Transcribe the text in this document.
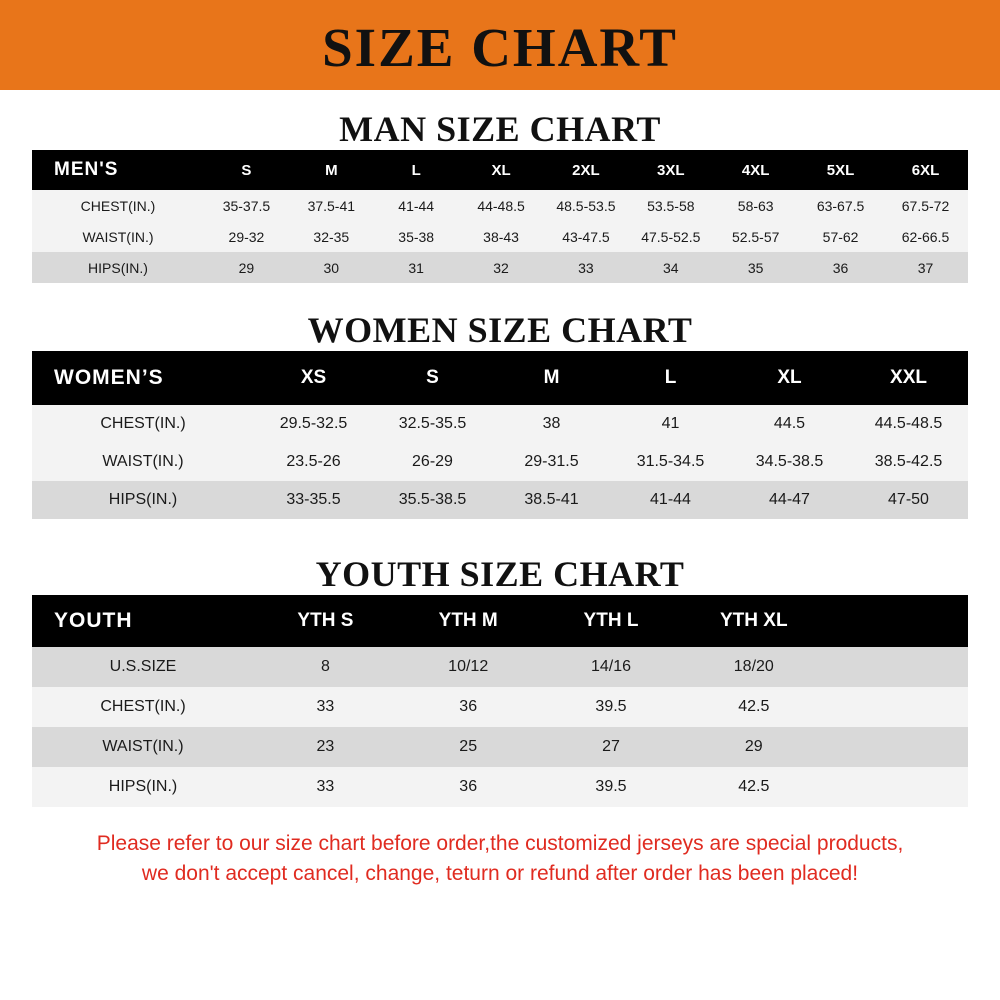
SIZE CHART
MAN SIZE CHART
MEN'S	S	M	L	XL	2XL	3XL	4XL	5XL	6XL
CHEST(IN.)	35-37.5	37.5-41	41-44	44-48.5	48.5-53.5	53.5-58	58-63	63-67.5	67.5-72
WAIST(IN.)	29-32	32-35	35-38	38-43	43-47.5	47.5-52.5	52.5-57	57-62	62-66.5
HIPS(IN.)	29	30	31	32	33	34	35	36	37
WOMEN SIZE CHART
WOMEN’S	XS	S	M	L	XL	XXL
CHEST(IN.)	29.5-32.5	32.5-35.5	38	41	44.5	44.5-48.5
WAIST(IN.)	23.5-26	26-29	29-31.5	31.5-34.5	34.5-38.5	38.5-42.5
HIPS(IN.)	33-35.5	35.5-38.5	38.5-41	41-44	44-47	47-50
YOUTH SIZE CHART
YOUTH	YTH S	YTH M	YTH L	YTH XL	
U.S.SIZE	8	10/12	14/16	18/20	
CHEST(IN.)	33	36	39.5	42.5	
WAIST(IN.)	23	25	27	29	
HIPS(IN.)	33	36	39.5	42.5	
Please refer to our size chart before order,the customized jerseys are special products,
we don't accept cancel, change, teturn or refund after order has been placed!
